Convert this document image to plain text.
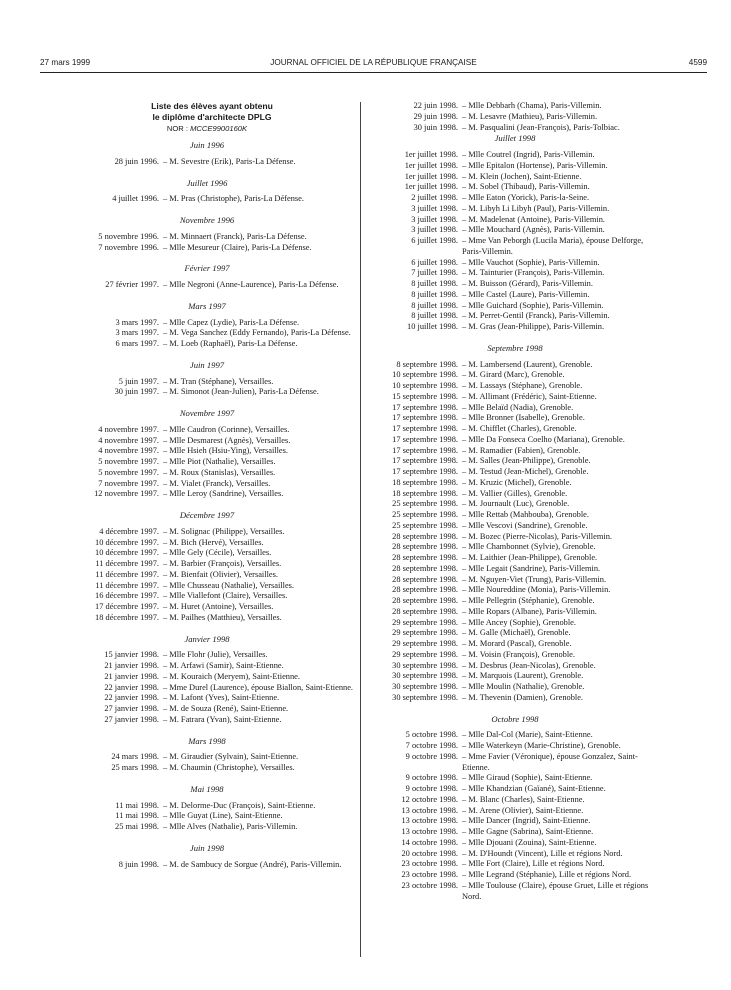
27 mars 1999	JOURNAL OFFICIEL DE LA RÉPUBLIQUE FRANÇAISE	4599
Liste des élèves ayant obtenu
le diplôme d'architecte DPLG
NOR : MCCE9900160K
Juin 1996
28 juin 1996. – M. Sevestre (Erik), Paris-La Défense.
Juillet 1996
4 juillet 1996. – M. Pras (Christophe), Paris-La Défense.
Novembre 1996
5 novembre 1996. – M. Minnaert (Franck), Paris-La Défense.
7 novembre 1996. – Mlle Mesureur (Claire), Paris-La Défense.
Février 1997
27 février 1997. – Mlle Negroni (Anne-Laurence), Paris-La Défense.
Mars 1997
3 mars 1997. – Mlle Capez (Lydie), Paris-La Défense.
3 mars 1997. – M. Vega Sanchez (Eddy Fernando), Paris-La Défense.
6 mars 1997. – M. Loeb (Raphaël), Paris-La Défense.
Juin 1997
5 juin 1997. – M. Tran (Stéphane), Versailles.
30 juin 1997. – M. Simonot (Jean-Julien), Paris-La Défense.
Novembre 1997
4 novembre 1997. – Mlle Caudron (Corinne), Versailles.
4 novembre 1997. – Mlle Desmarest (Agnès), Versailles.
4 novembre 1997. – Mlle Hsieh (Hsiu-Ying), Versailles.
5 novembre 1997. – Mlle Piot (Nathalie), Versailles.
5 novembre 1997. – M. Roux (Stanislas), Versailles.
7 novembre 1997. – M. Vialet (Franck), Versailles.
12 novembre 1997. – Mlle Leroy (Sandrine), Versailles.
Décembre 1997
4 décembre 1997. – M. Solignac (Philippe), Versailles.
10 décembre 1997. – M. Bich (Hervé), Versailles.
10 décembre 1997. – Mlle Gely (Cécile), Versailles.
11 décembre 1997. – M. Barbier (François), Versailles.
11 décembre 1997. – M. Bienfait (Olivier), Versailles.
11 décembre 1997. – Mlle Chusseau (Nathalie), Versailles.
16 décembre 1997. – Mlle Viallefont (Claire), Versailles.
17 décembre 1997. – M. Huret (Antoine), Versailles.
18 décembre 1997. – M. Pailhes (Matthieu), Versailles.
Janvier 1998
15 janvier 1998. – Mlle Flohr (Julie), Versailles.
21 janvier 1998. – M. Arfawi (Samir), Saint-Etienne.
21 janvier 1998. – M. Kouraich (Meryem), Saint-Etienne.
22 janvier 1998. – Mme Durel (Laurence), épouse Biallon, Saint-Etienne.
22 janvier 1998. – M. Lafont (Yves), Saint-Etienne.
27 janvier 1998. – M. de Souza (René), Saint-Etienne.
27 janvier 1998. – M. Fatrara (Yvan), Saint-Etienne.
Mars 1998
24 mars 1998. – M. Giraudier (Sylvain), Saint-Etienne.
25 mars 1998. – M. Chaumin (Christophe), Versailles.
Mai 1998
11 mai 1998. – M. Delorme-Duc (François), Saint-Etienne.
11 mai 1998. – Mlle Guyat (Line), Saint-Etienne.
25 mai 1998. – Mlle Alves (Nathalie), Paris-Villemin.
Juin 1998
8 juin 1998. – M. de Sambucy de Sorgue (André), Paris-Villemin.
22 juin 1998. – Mlle Debbarh (Chama), Paris-Villemin.
29 juin 1998. – M. Lesavre (Mathieu), Paris-Villemin.
30 juin 1998. – M. Pasqualini (Jean-François), Paris-Tolbiac.
Juillet 1998
1er juillet 1998. – Mlle Coutrel (Ingrid), Paris-Villemin.
1er juillet 1998. – Mlle Epitalon (Hortense), Paris-Villemin.
1er juillet 1998. – M. Klein (Jochen), Saint-Etienne.
1er juillet 1998. – M. Sobel (Thibaud), Paris-Villemin.
2 juillet 1998. – Mlle Eaton (Yorick), Paris-la-Seine.
3 juillet 1998. – M. Libyh Li Libyh (Paul), Paris-Villemin.
3 juillet 1998. – M. Madelenat (Antoine), Paris-Villemin.
3 juillet 1998. – Mlle Mouchard (Agnès), Paris-Villemin.
6 juillet 1998. – Mme Van Peborgh (Lucila Maria), épouse Delforge, Paris-Villemin.
6 juillet 1998. – Mlle Vauchot (Sophie), Paris-Villemin.
7 juillet 1998. – M. Tainturier (François), Paris-Villemin.
8 juillet 1998. – M. Buisson (Gérard), Paris-Villemin.
8 juillet 1998. – Mlle Castel (Laure), Paris-Villemin.
8 juillet 1998. – Mlle Guichard (Sophie), Paris-Villemin.
8 juillet 1998. – M. Perret-Gentil (Franck), Paris-Villemin.
10 juillet 1998. – M. Gras (Jean-Philippe), Paris-Villemin.
Septembre 1998
8 septembre 1998. – M. Lambersend (Laurent), Grenoble.
10 septembre 1998. – M. Girard (Marc), Grenoble.
10 septembre 1998. – M. Lassays (Stéphane), Grenoble.
15 septembre 1998. – M. Allimant (Frédéric), Saint-Etienne.
17 septembre 1998. – Mlle Belaïd (Nadia), Grenoble.
17 septembre 1998. – Mlle Bronner (Isabelle), Grenoble.
17 septembre 1998. – M. Chifflet (Charles), Grenoble.
17 septembre 1998. – Mlle Da Fonseca Coelho (Mariana), Grenoble.
17 septembre 1998. – M. Ramadier (Fabien), Grenoble.
17 septembre 1998. – M. Salles (Jean-Philippe), Grenoble.
17 septembre 1998. – M. Testud (Jean-Michel), Grenoble.
18 septembre 1998. – M. Kruzic (Michel), Grenoble.
18 septembre 1998. – M. Vallier (Gilles), Grenoble.
25 septembre 1998. – M. Journault (Luc), Grenoble.
25 septembre 1998. – Mlle Rettab (Mahbouba), Grenoble.
25 septembre 1998. – Mlle Vescovi (Sandrine), Grenoble.
28 septembre 1998. – M. Bozec (Pierre-Nicolas), Paris-Villemin.
28 septembre 1998. – Mlle Chambonnet (Sylvie), Grenoble.
28 septembre 1998. – M. Laithier (Jean-Philippe), Grenoble.
28 septembre 1998. – Mlle Legait (Sandrine), Paris-Villemin.
28 septembre 1998. – M. Nguyen-Viet (Trung), Paris-Villemin.
28 septembre 1998. – Mlle Noureddine (Monia), Paris-Villemin.
28 septembre 1998. – Mlle Pellegrin (Stéphanie), Grenoble.
28 septembre 1998. – Mlle Ropars (Albane), Paris-Villemin.
29 septembre 1998. – Mlle Ancey (Sophie), Grenoble.
29 septembre 1998. – M. Galle (Michaël), Grenoble.
29 septembre 1998. – M. Morard (Pascal), Grenoble.
29 septembre 1998. – M. Voisin (François), Grenoble.
30 septembre 1998. – M. Desbrus (Jean-Nicolas), Grenoble.
30 septembre 1998. – M. Marquois (Laurent), Grenoble.
30 septembre 1998. – Mlle Moulin (Nathalie), Grenoble.
30 septembre 1998. – M. Thevenin (Damien), Grenoble.
Octobre 1998
5 octobre 1998. – Mlle Dal-Col (Marie), Saint-Etienne.
7 octobre 1998. – Mlle Waterkeyn (Marie-Christine), Grenoble.
9 octobre 1998. – Mme Favier (Véronique), épouse Gonzalez, Saint-Etienne.
9 octobre 1998. – Mlle Giraud (Sophie), Saint-Etienne.
9 octobre 1998. – Mlle Khandzian (Gaïané), Saint-Etienne.
12 octobre 1998. – M. Blanc (Charles), Saint-Etienne.
13 octobre 1998. – M. Arene (Olivier), Saint-Etienne.
13 octobre 1998. – Mlle Dancer (Ingrid), Saint-Etienne.
13 octobre 1998. – Mlle Gagne (Sabrina), Saint-Etienne.
14 octobre 1998. – Mlle Djouani (Zouina), Saint-Etienne.
20 octobre 1998. – M. D'Houndt (Vincent), Lille et régions Nord.
23 octobre 1998. – Mlle Fort (Claire), Lille et régions Nord.
23 octobre 1998. – Mlle Legrand (Stéphanie), Lille et régions Nord.
23 octobre 1998. – Mlle Toulouse (Claire), épouse Gruet, Lille et régions Nord.
